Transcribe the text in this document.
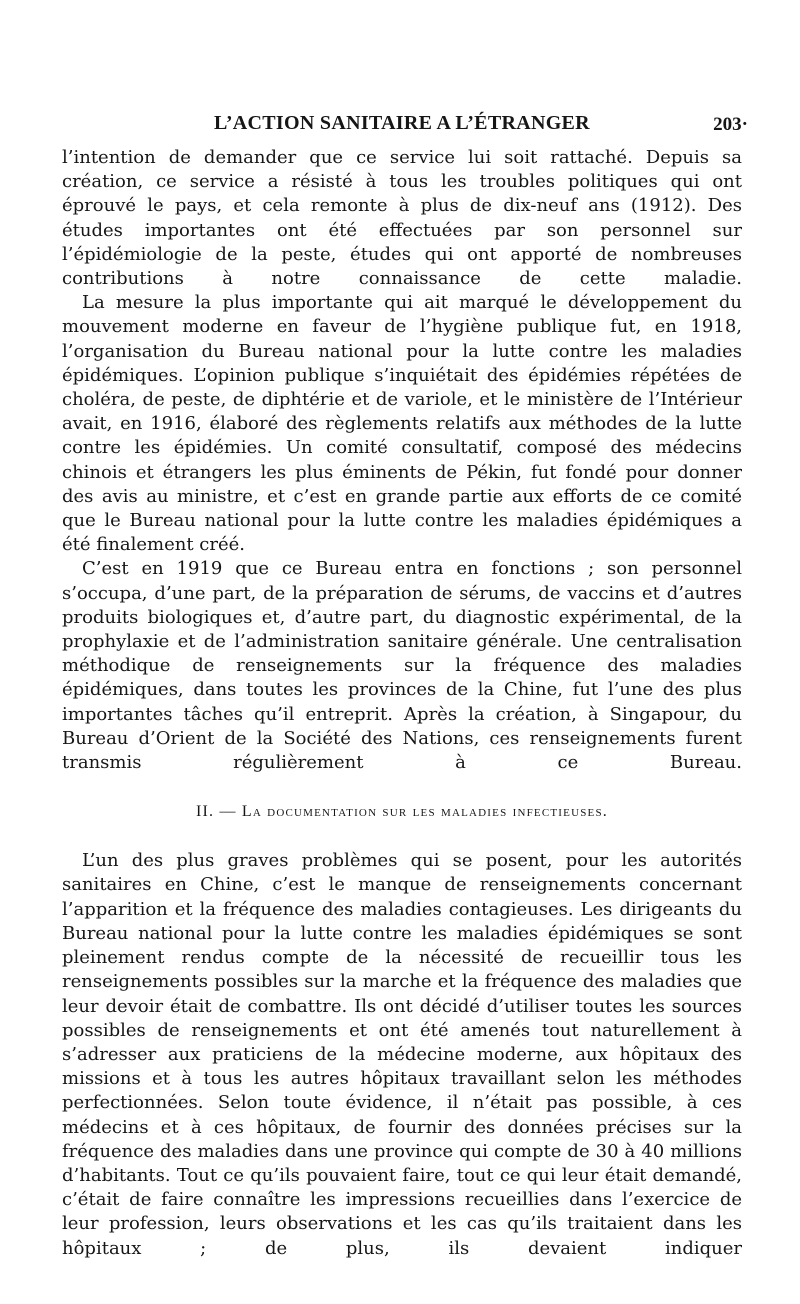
L’ACTION SANITAIRE A L’ÉTRANGER	203·

l’intention de demander que ce service lui soit rattaché. Depuis sa création, ce service a résisté à tous les troubles politiques qui ont éprouvé le pays, et cela remonte à plus de dix-neuf ans (1912). Des études importantes ont été effectuées par son personnel sur l’épidémiologie de la peste, études qui ont apporté de nombreuses contributions à notre connaissance de cette maladie.

La mesure la plus importante qui ait marqué le développement du mouvement moderne en faveur de l’hygiène publique fut, en 1918, l’organisation du Bureau national pour la lutte contre les maladies épidémiques. L’opinion publique s’inquiétait des épidémies répétées de choléra, de peste, de diphtérie et de variole, et le ministère de l’Intérieur avait, en 1916, élaboré des règlements relatifs aux méthodes de la lutte contre les épidémies. Un comité consultatif, composé des médecins chinois et étrangers les plus éminents de Pékin, fut fondé pour donner des avis au ministre, et c’est en grande partie aux efforts de ce comité que le Bureau national pour la lutte contre les maladies épidémiques a été finalement créé.

C’est en 1919 que ce Bureau entra en fonctions ; son personnel s’occupa, d’une part, de la préparation de sérums, de vaccins et d’autres produits biologiques et, d’autre part, du diagnostic expérimental, de la prophylaxie et de l’administration sanitaire générale. Une centralisation méthodique de renseignements sur la fréquence des maladies épidémiques, dans toutes les provinces de la Chine, fut l’une des plus importantes tâches qu’il entreprit. Après la création, à Singapour, du Bureau d’Orient de la Société des Nations, ces renseignements furent transmis régulièrement à ce Bureau.

II. — La documentation sur les maladies infectieuses.

L’un des plus graves problèmes qui se posent, pour les autorités sanitaires en Chine, c’est le manque de renseignements concernant l’apparition et la fréquence des maladies contagieuses. Les dirigeants du Bureau national pour la lutte contre les maladies épidémiques se sont pleinement rendus compte de la nécessité de recueillir tous les renseignements possibles sur la marche et la fréquence des maladies que leur devoir était de combattre. Ils ont décidé d’utiliser toutes les sources possibles de renseignements et ont été amenés tout naturellement à s’adresser aux praticiens de la médecine moderne, aux hôpitaux des missions et à tous les autres hôpitaux travaillant selon les méthodes perfectionnées. Selon toute évidence, il n’était pas possible, à ces médecins et à ces hôpitaux, de fournir des données précises sur la fréquence des maladies dans une province qui compte de 30 à 40 millions d’habitants. Tout ce qu’ils pouvaient faire, tout ce qui leur était demandé, c’était de faire connaître les impressions recueillies dans l’exercice de leur profession, leurs observations et les cas qu’ils traitaient dans les hôpitaux ; de plus, ils devaient indiquer
